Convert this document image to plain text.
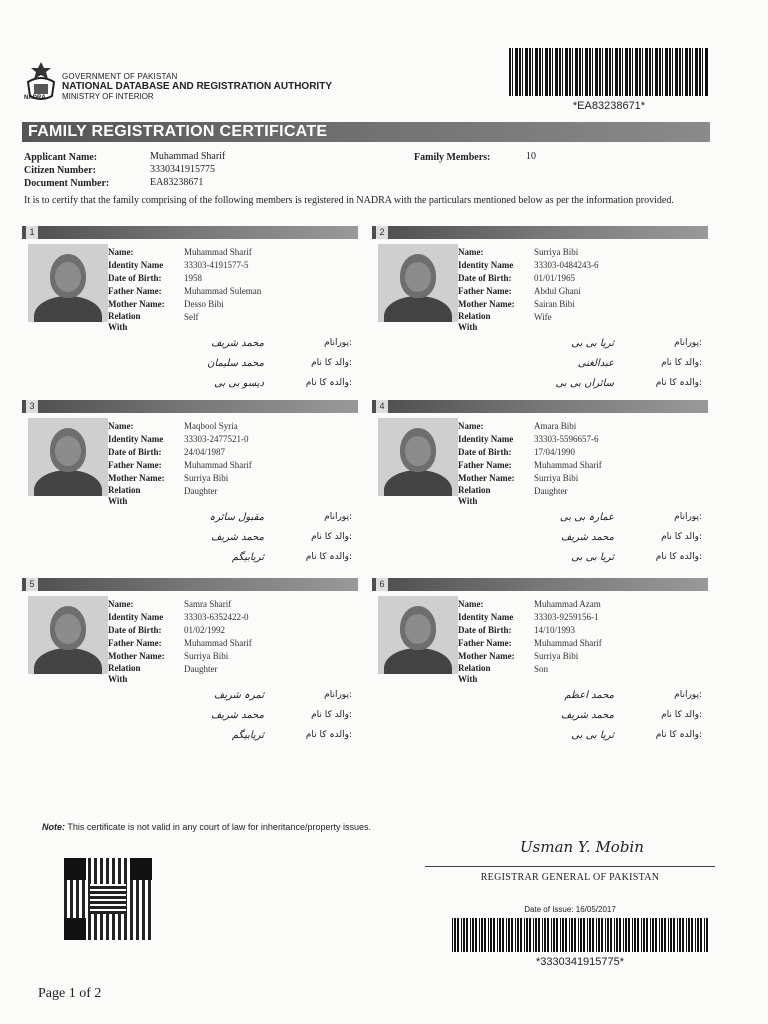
NADRA
GOVERNMENT OF PAKISTAN
NATIONAL DATABASE AND REGISTRATION AUTHORITY
MINISTRY OF INTERIOR
*EA83238671*
FAMILY REGISTRATION CERTIFICATE
Applicant Name:	Muhammad Sharif
Citizen Number:	3330341915775
Document Number:	EA83238671
Family Members:	10
It is to certify that the family comprising of the following members is registered in NADRA with the particulars mentioned below as per the information provided.
1
Name:	Muhammad Sharif
Identity Name	33303-4191577-5
Date of Birth:	1958
Father Name:	Muhammad Suleman
Mother Name:	Desso Bibi
Relation
With
Self
پورانام:
محمد شریف
والد کا نام:
محمد سلیمان
والدہ کا نام:
دیسو بی بی
2
Name:	Surriya Bibi
Identity Name	33303-0484243-6
Date of Birth:	01/01/1965
Father Name:	Abdul Ghani
Mother Name:	Sairan Bibi
Relation
With
Wife
پورانام:
ثریا بی بی
والد کا نام:
عبدالغنی
والدہ کا نام:
سائراں بی بی
3
Name:	Maqbool Syria
Identity Name	33303-2477521-0
Date of Birth:	24/04/1987
Father Name:	Muhammad Sharif
Mother Name:	Surriya Bibi
Relation
With
Daughter
پورانام:
مقبول سائرہ
والد کا نام:
محمد شریف
والدہ کا نام:
ثریابیگم
4
Name:	Amara Bibi
Identity Name	33303-5596657-6
Date of Birth:	17/04/1990
Father Name:	Muhammad Sharif
Mother Name:	Surriya Bibi
Relation
With
Daughter
پورانام:
عمارہ بی بی
والد کا نام:
محمد شریف
والدہ کا نام:
ثریا بی بی
5
Name:	Samra Sharif
Identity Name	33303-6352422-0
Date of Birth:	01/02/1992
Father Name:	Muhammad Sharif
Mother Name:	Surriya Bibi
Relation
With
Daughter
پورانام:
ثمرہ شریف
والد کا نام:
محمد شریف
والدہ کا نام:
ثریابیگم
6
Name:	Muhammad Azam
Identity Name	33303-9259156-1
Date of Birth:	14/10/1993
Father Name:	Muhammad Sharif
Mother Name:	Surriya Bibi
Relation
With
Son
پورانام:
محمد اعظم
والد کا نام:
محمد شریف
والدہ کا نام:
ثریا بی بی
Note: This certificate is not valid in any court of law for inheritance/property issues.
Usman Y. Mobin
REGISTRAR GENERAL OF PAKISTAN
Date of Issue: 16/05/2017
*3330341915775*
Page 1 of 2
